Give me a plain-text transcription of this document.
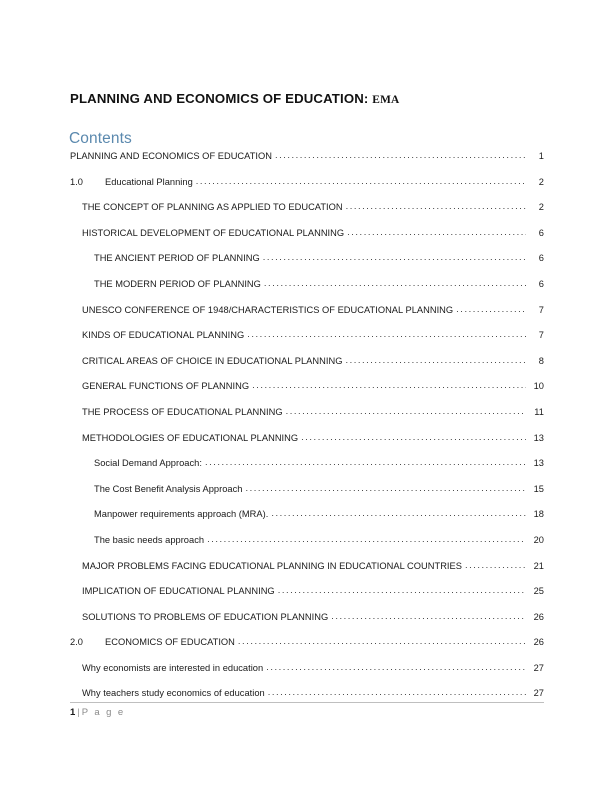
PLANNING AND ECONOMICS OF EDUCATION: EMA
Contents
PLANNING AND ECONOMICS OF EDUCATION .....	1
1.0	Educational Planning .....	2
THE CONCEPT OF PLANNING AS APPLIED TO EDUCATION .....	2
HISTORICAL DEVELOPMENT OF EDUCATIONAL PLANNING .....	6
THE ANCIENT PERIOD OF PLANNING .....	6
THE MODERN PERIOD OF PLANNING .....	6
UNESCO CONFERENCE OF 1948/CHARACTERISTICS OF EDUCATIONAL PLANNING .....	7
KINDS OF EDUCATIONAL PLANNING .....	7
CRITICAL AREAS OF CHOICE IN EDUCATIONAL PLANNING .....	8
GENERAL FUNCTIONS OF PLANNING .....	10
THE PROCESS OF EDUCATIONAL PLANNING .....	11
METHODOLOGIES OF EDUCATIONAL PLANNING .....	13
Social Demand Approach: .....	13
The Cost Benefit Analysis Approach .....	15
Manpower requirements approach (MRA). .....	18
The basic needs approach .....	20
MAJOR PROBLEMS FACING EDUCATIONAL PLANNING IN EDUCATIONAL COUNTRIES .....	21
IMPLICATION OF EDUCATIONAL PLANNING .....	25
SOLUTIONS TO PROBLEMS OF EDUCATION PLANNING .....	26
2.0	ECONOMICS OF EDUCATION .....	26
Why economists are interested in education .....	27
Why teachers study economics of education .....	27
1 | P a g e
